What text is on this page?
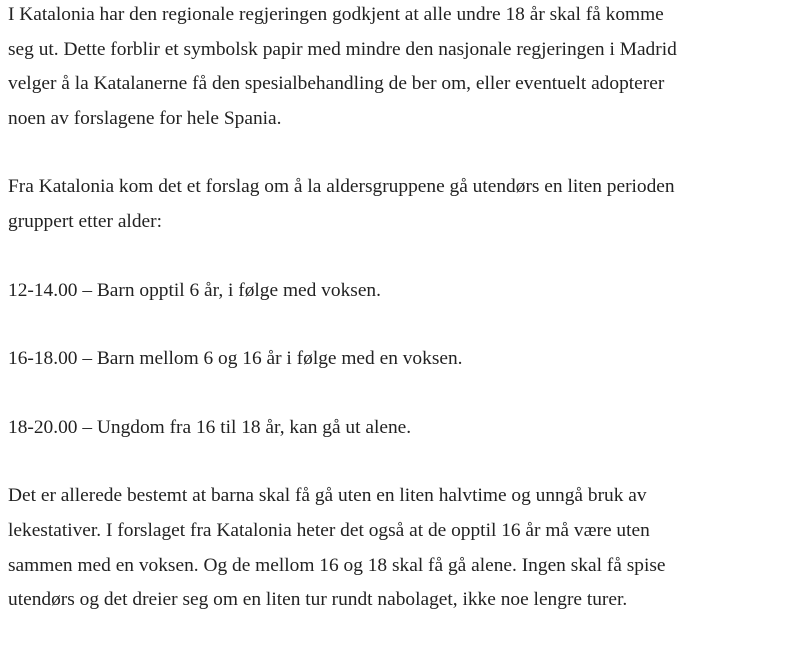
I Katalonia har den regionale regjeringen godkjent at alle undre 18 år skal få komme
seg ut. Dette forblir et symbolsk papir med mindre den nasjonale regjeringen i Madrid
velger å la Katalanerne få den spesialbehandling de ber om, eller eventuelt adopterer
noen av forslagene for hele Spania.

Fra Katalonia kom det et forslag om å la aldersgruppene gå utendørs en liten perioden
gruppert etter alder:

12-14.00 – Barn opptil 6 år, i følge med voksen.

16-18.00 – Barn mellom 6 og 16 år i følge med en voksen.

18-20.00 – Ungdom fra 16 til 18 år, kan gå ut alene.

Det er allerede bestemt at barna skal få gå uten en liten halvtime og unngå bruk av
lekestativer. I forslaget fra Katalonia heter det også at de opptil 16 år må være uten
sammen med en voksen. Og de mellom 16 og 18 skal få gå alene. Ingen skal få spise
utendørs og det dreier seg om en liten tur rundt nabolaget, ikke noe lengre turer.
